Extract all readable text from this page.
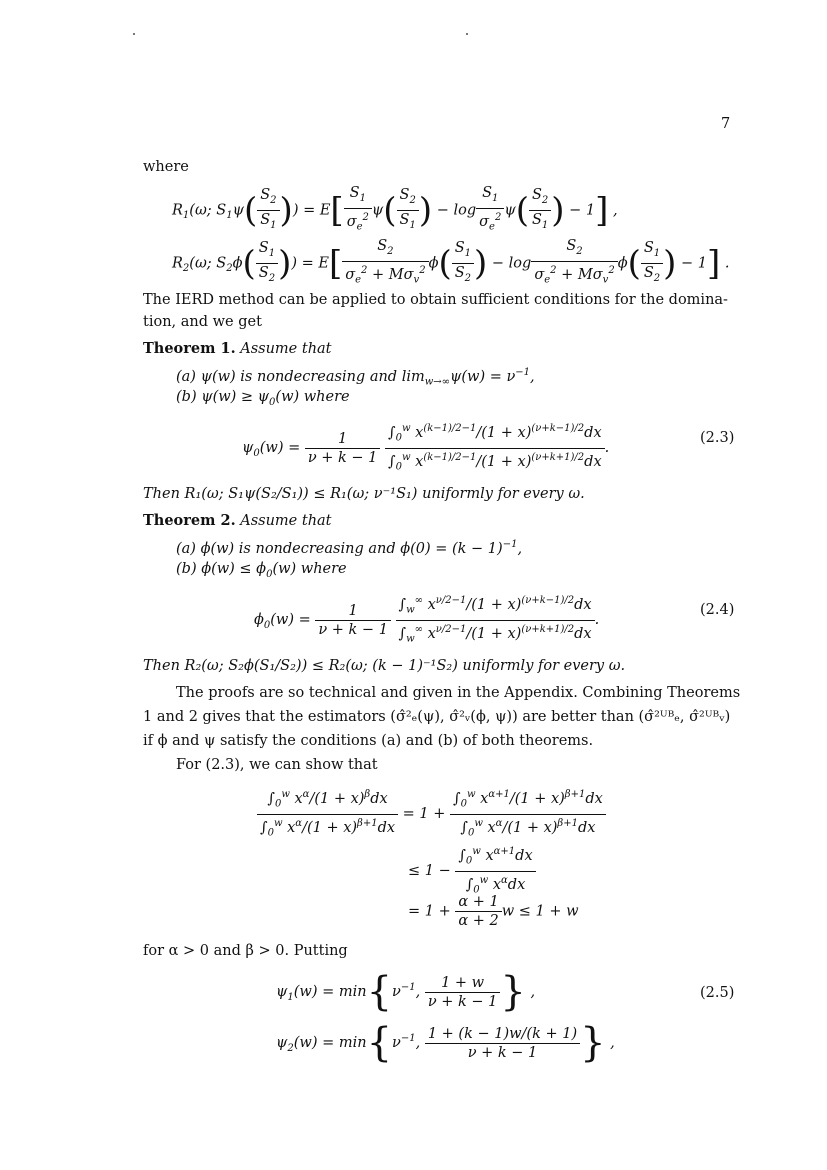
7
where
$R_1(\omega$; $S_1\psi( \frac{S_2}{S_1}$ )) = $E[ \frac{S_1}{\sigma_e^2} \psi( \frac{S_2}{S_1}$ ) − $\log \frac{S_1}{\sigma_e^2} \psi( \frac{S_2}{S_1}$ ) − 1] ,
$R_2(\omega$; $S_2\phi( \frac{S_1}{S_2}$ )) = $E[ \frac{S_2}{\sigma_e^2 + M\sigma_v^2} \phi( \frac{S_1}{S_2}$ ) − $\log \frac{S_2}{\sigma_e^2 + M\sigma_v^2} \phi( \frac{S_1}{S_2}$ ) − 1] .
The IERD method can be applied to obtain sufficient conditions for the domina-
tion, and we get
Theorem 1. Assume that
(a) ψ(w) is nondecreasing and $\lim_{w\to\infty}\psi(w) = \nu^{-1}$,
(b) $\psi(w) \ge \psi_0(w)$ where
$\psi_0(w) = \frac{1}{\nu + k - 1}$
$\frac{\int_0^w x^{(k-1)/2-1}/(1 + x)^{(\nu+k-1)/2}dx}{\int_0^w x^{(k-1)/2-1}/(1 + x)^{(\nu+k+1)/2}dx}$ .
(2.3)
Then R₁(ω; S₁ψ(S₂/S₁)) ≤ R₁(ω; ν⁻¹S₁) uniformly for every ω.
Theorem 2. Assume that
(a) ϕ(w) is nondecreasing and $\phi(0) = (k - 1)^{-1}$,
(b) $\phi(w) \le \phi_0(w)$ where
$\phi_0(w) = \frac{1}{\nu + k - 1}$
$\frac{\int_w^\infty x^{\nu/2-1}/(1 + x)^{(\nu+k-1)/2}dx}{\int_w^\infty x^{\nu/2-1}/(1 + x)^{(\nu+k+1)/2}dx}$ .
(2.4)
Then R₂(ω; S₂ϕ(S₁/S₂)) ≤ R₂(ω; (k − 1)⁻¹S₂) uniformly for every ω.
The proofs are so technical and given in the Appendix. Combining Theorems
1 and 2 gives that the estimators (σ̂²ₑ(ψ), σ̂²ᵥ(ϕ, ψ)) are better than (σ̂²ᵁᴮₑ, σ̂²ᵁᴮᵥ)
if ϕ and ψ satisfy the conditions (a) and (b) of both theorems.
For (2.3), we can show that
$\frac{\int_0^w x^\alpha/(1 + x)^\beta dx}{\int_0^w x^\alpha/(1 + x)^{\beta+1}dx} = 1 + \frac{\int_0^w x^{\alpha+1}/(1 + x)^{\beta+1}dx}{\int_0^w x^\alpha/(1 + x)^{\beta+1}dx}$
≤ $1 - \frac{\int_0^w x^{\alpha+1}dx}{\int_0^w x^\alpha dx}$
= $1 + \frac{\alpha + 1}{\alpha + 2}$ w ≤ 1 + w
for α > 0 and β > 0. Putting
$\psi_1(w) = \min\{\nu^{-1}$, $\frac{1 + w}{\nu + k - 1}$ } ,	(2.5)
$\psi_2(w) = \min\{\nu^{-1}$, $\frac{1 + (k - 1)w/(k + 1)}{\nu + k - 1}$ } ,
